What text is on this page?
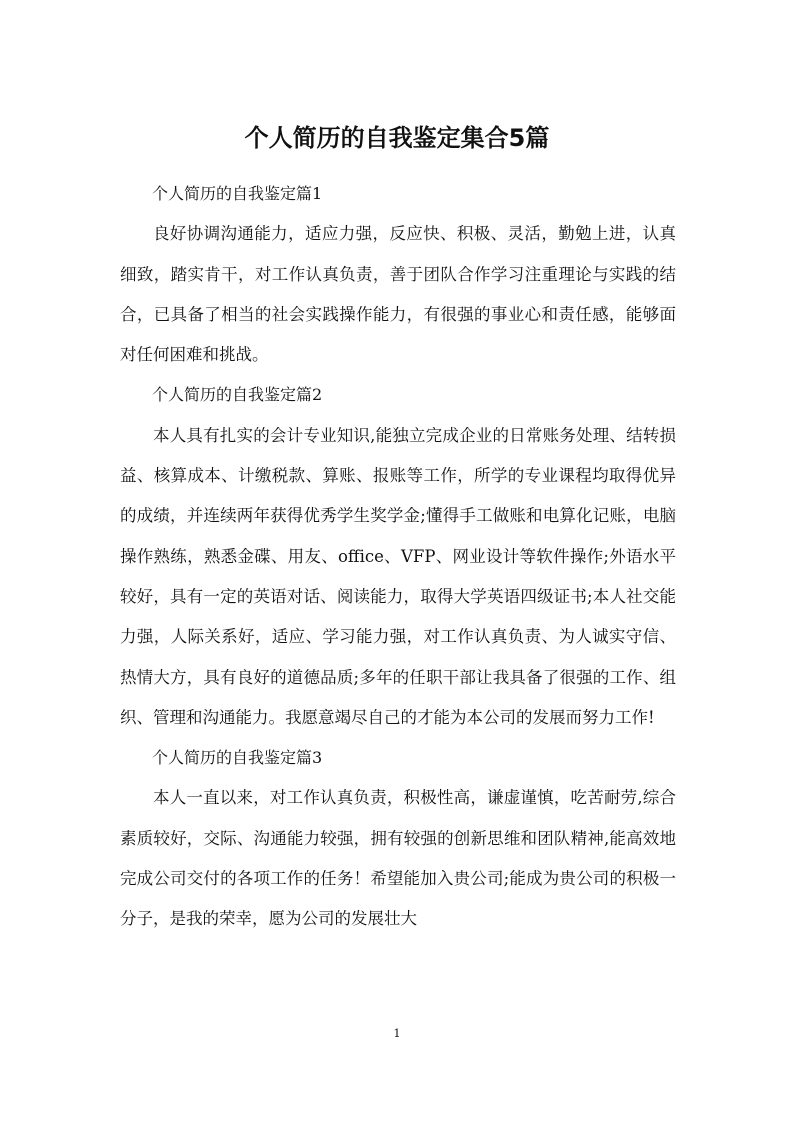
个人简历的自我鉴定集合5篇

个人简历的自我鉴定篇1

良好协调沟通能力，适应力强，反应快、积极、灵活，勤勉上进，认真细致，踏实肯干，对工作认真负责，善于团队合作学习注重理论与实践的结合，已具备了相当的社会实践操作能力，有很强的事业心和责任感，能够面对任何困难和挑战。

个人简历的自我鉴定篇2

本人具有扎实的会计专业知识,能独立完成企业的日常账务处理、结转损益、核算成本、计缴税款、算账、报账等工作，所学的专业课程均取得优异的成绩，并连续两年获得优秀学生奖学金;懂得手工做账和电算化记账，电脑操作熟练，熟悉金碟、用友、office、VFP、网业设计等软件操作;外语水平较好，具有一定的英语对话、阅读能力，取得大学英语四级证书;本人社交能力强，人际关系好，适应、学习能力强，对工作认真负责、为人诚实守信、热情大方，具有良好的道德品质;多年的任职干部让我具备了很强的工作、组织、管理和沟通能力。我愿意竭尽自己的才能为本公司的发展而努力工作!

个人简历的自我鉴定篇3

本人一直以来，对工作认真负责，积极性高，谦虚谨慎，吃苦耐劳,综合素质较好，交际、沟通能力较强，拥有较强的创新思维和团队精神,能高效地完成公司交付的各项工作的任务！希望能加入贵公司;能成为贵公司的积极一分子，是我的荣幸，愿为公司的发展壮大

1
